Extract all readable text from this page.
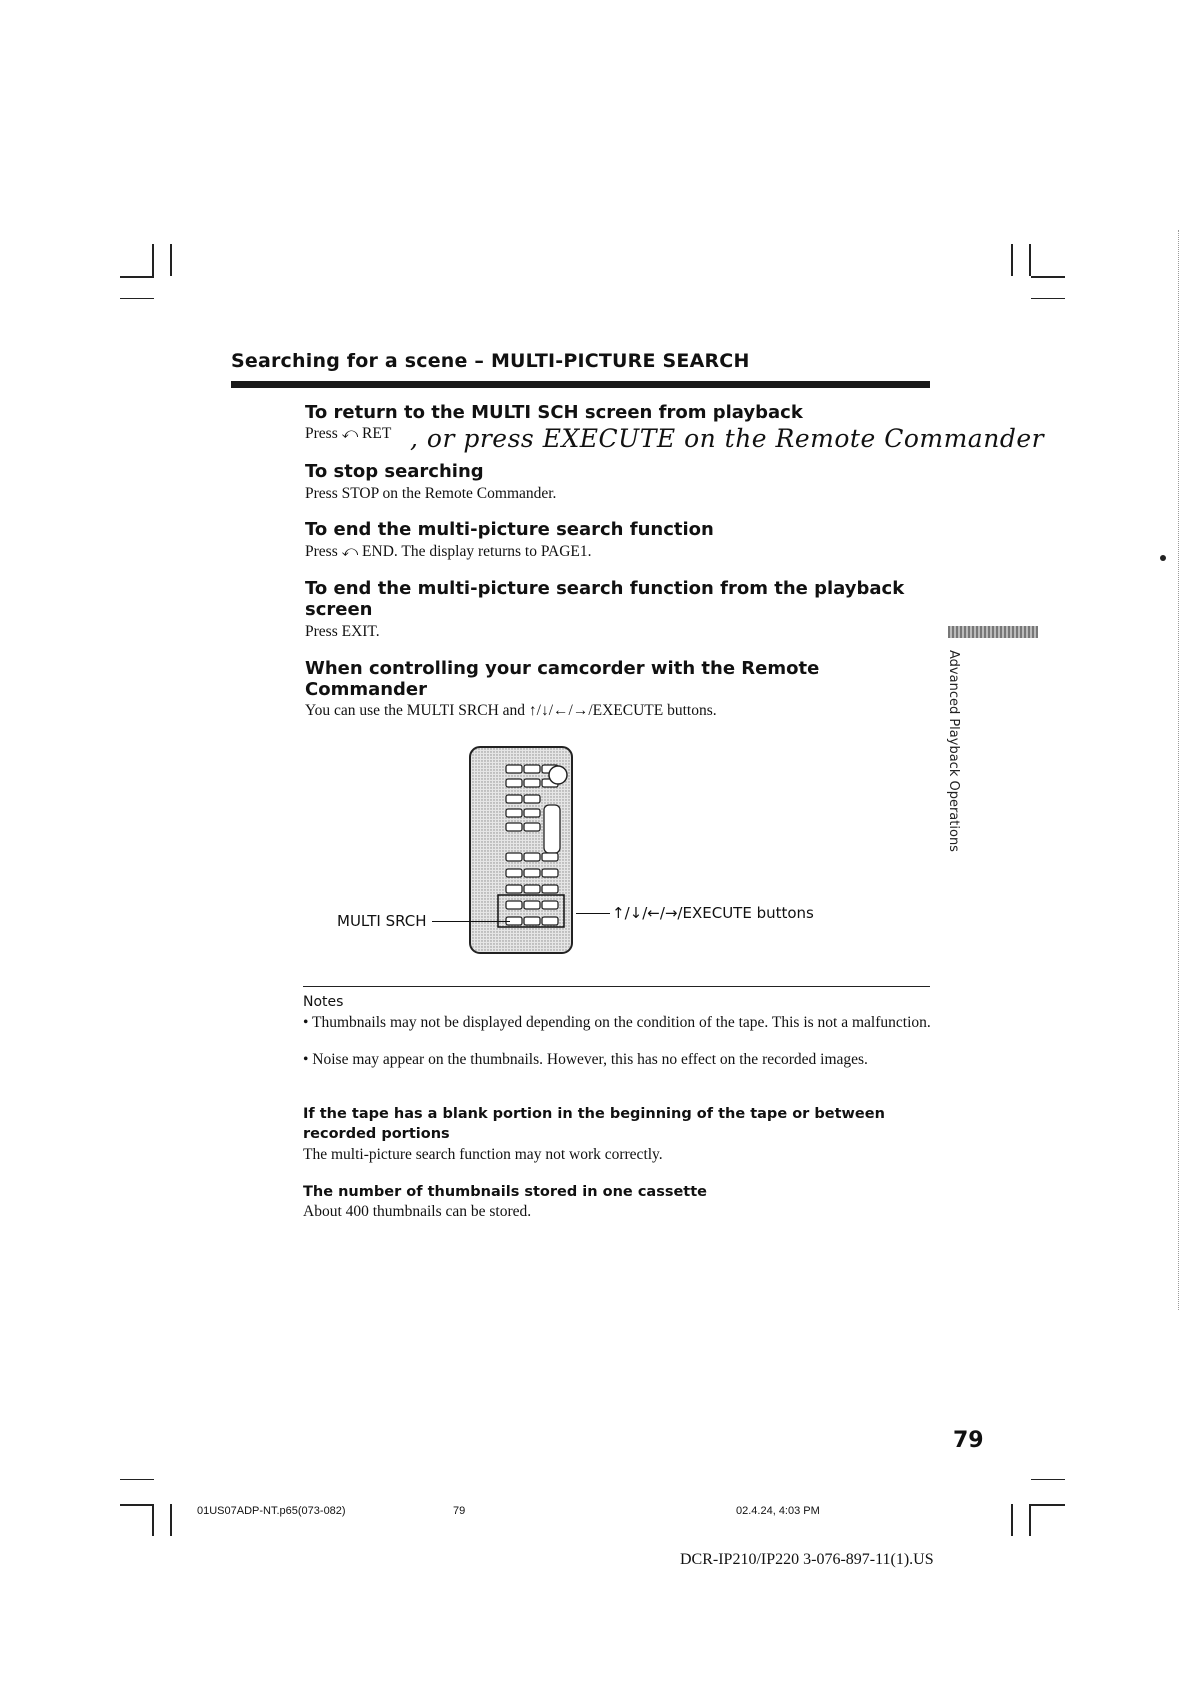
Searching for a scene – MULTI-PICTURE SEARCH
To return to the MULTI SCH screen from playback
Press ⤺ RET , or press EXECUTE on the Remote Commander
To stop searching
Press STOP on the Remote Commander.
To end the multi-picture search function
Press ⤺ END. The display returns to PAGE1.
To end the multi-picture search function from the playback screen
Press EXIT.
When controlling your camcorder with the Remote Commander
You can use the MULTI SRCH and ↑/↓/←/→/EXECUTE buttons.	Advanced Playback Operations
MULTI SRCH	↑/↓/←/→/EXECUTE buttons
Notes
• Thumbnails may not be displayed depending on the condition of the tape. This is not a malfunction.
• Noise may appear on the thumbnails. However, this has no effect on the recorded images.
If the tape has a blank portion in the beginning of the tape or between recorded portions
The multi-picture search function may not work correctly.
The number of thumbnails stored in one cassette
About 400 thumbnails can be stored.
79
01US07ADP-NT.p65(073-082)	79	02.4.24, 4:03 PM
DCR-IP210/IP220 3-076-897-11(1).US
